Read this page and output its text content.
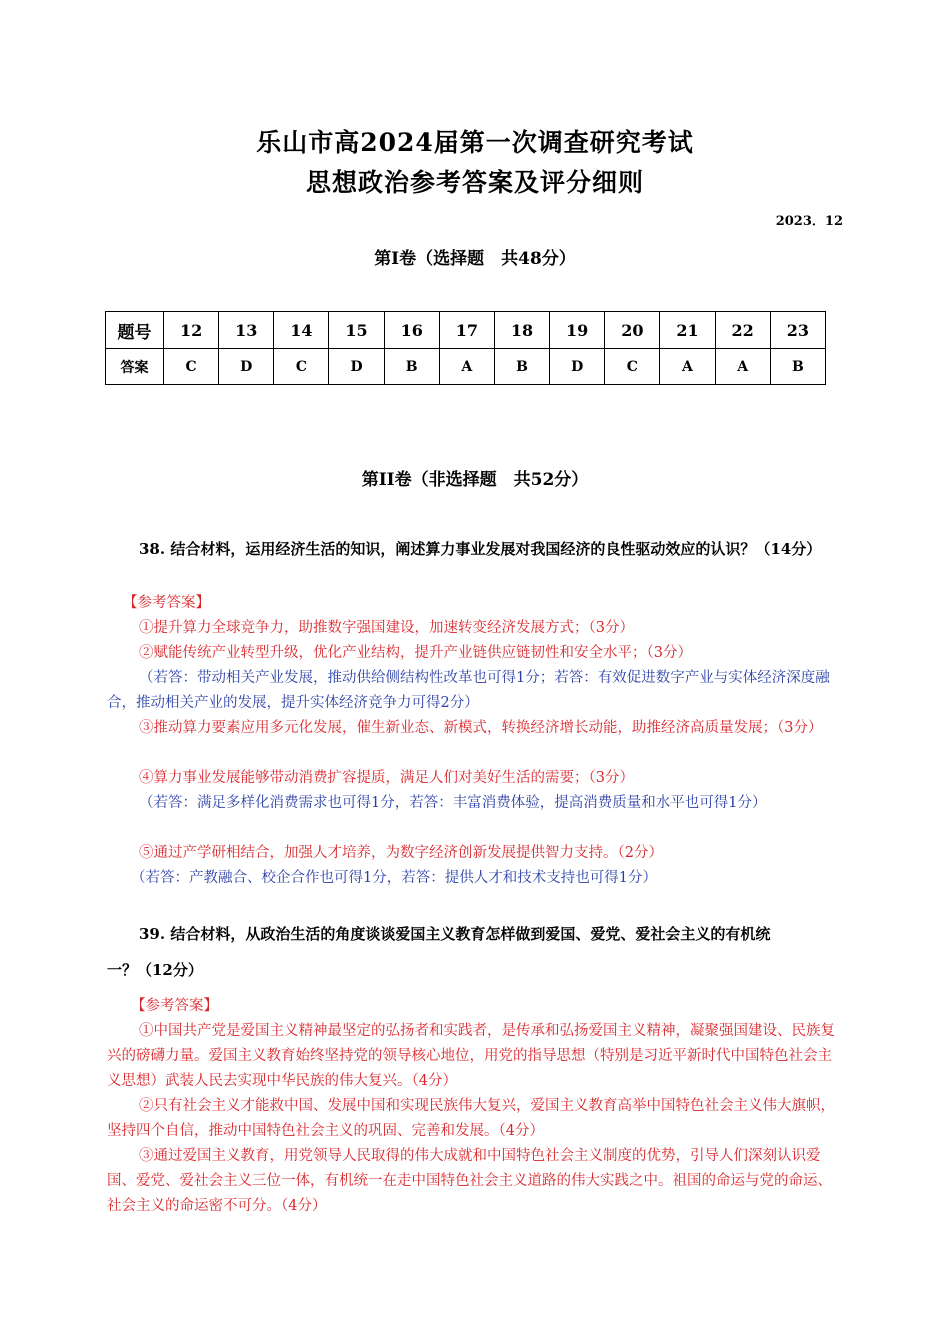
乐山市高2024届第一次调查研究考试
思想政治参考答案及评分细则
2023．12
第I卷（选择题　共48分）
题号	12	13	14	15	16	17	18	19	20	21	22	23
答案	C	D	C	D	B	A	B	D	C	A	A	B
第II卷（非选择题　共52分）
38. 结合材料，运用经济生活的知识，阐述算力事业发展对我国经济的良性驱动效应的认识？（14分）
【参考答案】
①提升算力全球竞争力，助推数字强国建设，加速转变经济发展方式；（3分）
②赋能传统产业转型升级，优化产业结构，提升产业链供应链韧性和安全水平；（3分）
（若答：带动相关产业发展，推动供给侧结构性改革也可得1分；若答：有效促进数字产业与实体经济深度融合，推动相关产业的发展，提升实体经济竞争力可得2分）
③推动算力要素应用多元化发展，催生新业态、新模式，转换经济增长动能，助推经济高质量发展；（3分）
④算力事业发展能够带动消费扩容提质，满足人们对美好生活的需要；（3分）
（若答：满足多样化消费需求也可得1分，若答：丰富消费体验，提高消费质量和水平也可得1分）
⑤通过产学研相结合，加强人才培养，为数字经济创新发展提供智力支持。（2分）
（若答：产教融合、校企合作也可得1分，若答：提供人才和技术支持也可得1分）
39. 结合材料，从政治生活的角度谈谈爱国主义教育怎样做到爱国、爱党、爱社会主义的有机统
一？（12分）
【参考答案】
①中国共产党是爱国主义精神最坚定的弘扬者和实践者，是传承和弘扬爱国主义精神，凝聚强国建设、民族复兴的磅礴力量。爱国主义教育始终坚持党的领导核心地位，用党的指导思想（特别是习近平新时代中国特色社会主义思想）武装人民去实现中华民族的伟大复兴。（4分）
②只有社会主义才能救中国、发展中国和实现民族伟大复兴，爱国主义教育高举中国特色社会主义伟大旗帜，坚持四个自信，推动中国特色社会主义的巩固、完善和发展。（4分）
③通过爱国主义教育，用党领导人民取得的伟大成就和中国特色社会主义制度的优势，引导人们深刻认识爱国、爱党、爱社会主义三位一体，有机统一在走中国特色社会主义道路的伟大实践之中。祖国的命运与党的命运、社会主义的命运密不可分。（4分）
